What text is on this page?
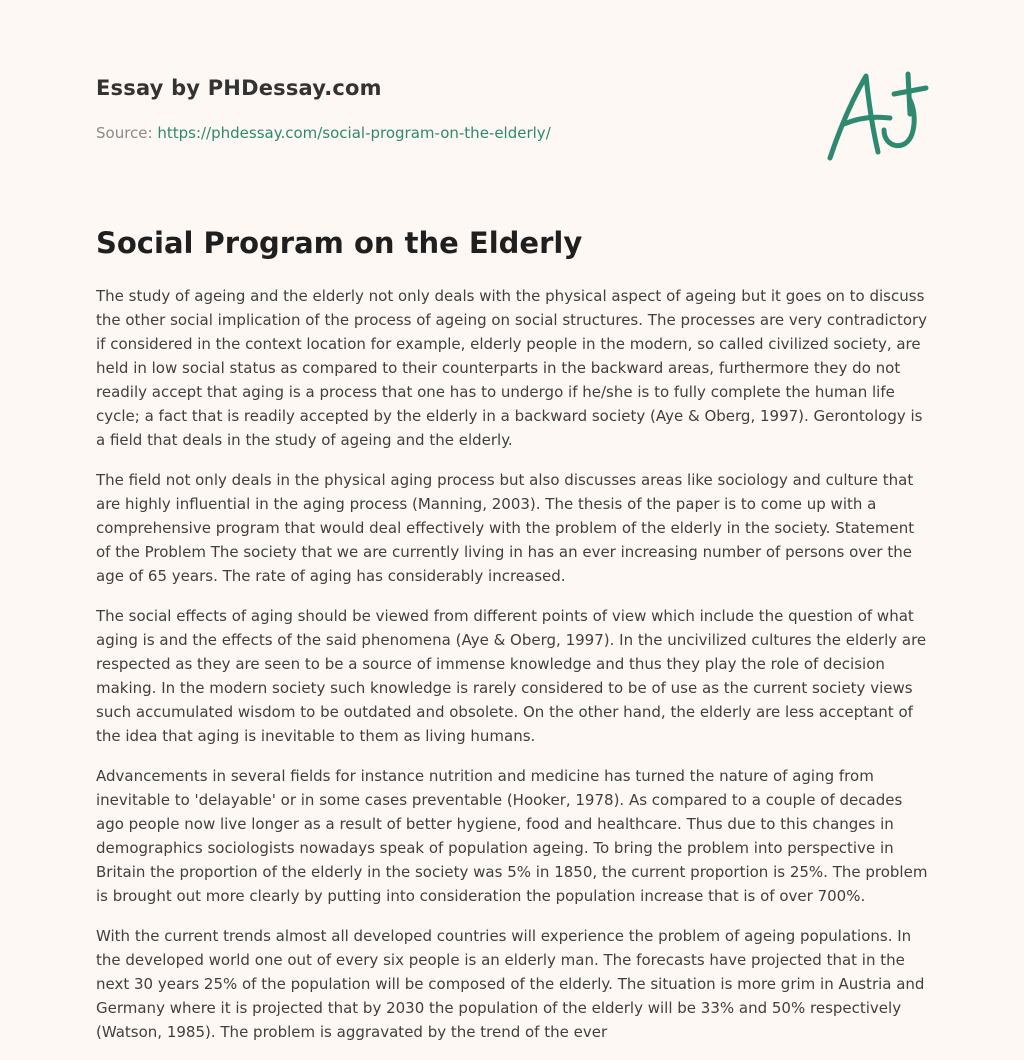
Essay by PHDessay.com

Source: https://phdessay.com/social-program-on-the-elderly/
Social Program on the Elderly

The study of ageing and the elderly not only deals with the physical aspect of ageing but it goes on to discuss the other social implication of the process of ageing on social structures. The processes are very contradictory if considered in the context location for example, elderly people in the modern, so called civilized society, are held in low social status as compared to their counterparts in the backward areas, furthermore they do not readily accept that aging is a process that one has to undergo if he/she is to fully complete the human life cycle; a fact that is readily accepted by the elderly in a backward society (Aye & Oberg, 1997). Gerontology is a field that deals in the study of ageing and the elderly.

The field not only deals in the physical aging process but also discusses areas like sociology and culture that are highly influential in the aging process (Manning, 2003). The thesis of the paper is to come up with a comprehensive program that would deal effectively with the problem of the elderly in the society. Statement of the Problem The society that we are currently living in has an ever increasing number of persons over the age of 65 years. The rate of aging has considerably increased.

The social effects of aging should be viewed from different points of view which include the question of what aging is and the effects of the said phenomena (Aye & Oberg, 1997). In the uncivilized cultures the elderly are respected as they are seen to be a source of immense knowledge and thus they play the role of decision making. In the modern society such knowledge is rarely considered to be of use as the current society views such accumulated wisdom to be outdated and obsolete. On the other hand, the elderly are less acceptant of the idea that aging is inevitable to them as living humans.

Advancements in several fields for instance nutrition and medicine has turned the nature of aging from inevitable to 'delayable' or in some cases preventable (Hooker, 1978). As compared to a couple of decades ago people now live longer as a result of better hygiene, food and healthcare. Thus due to this changes in demographics sociologists nowadays speak of population ageing. To bring the problem into perspective in Britain the proportion of the elderly in the society was 5% in 1850, the current proportion is 25%. The problem is brought out more clearly by putting into consideration the population increase that is of over 700%.

With the current trends almost all developed countries will experience the problem of ageing populations. In the developed world one out of every six people is an elderly man. The forecasts have projected that in the next 30 years 25% of the population will be composed of the elderly. The situation is more grim in Austria and Germany where it is projected that by 2030 the population of the elderly will be 33% and 50% respectively (Watson, 1985). The problem is aggravated by the trend of the ever
